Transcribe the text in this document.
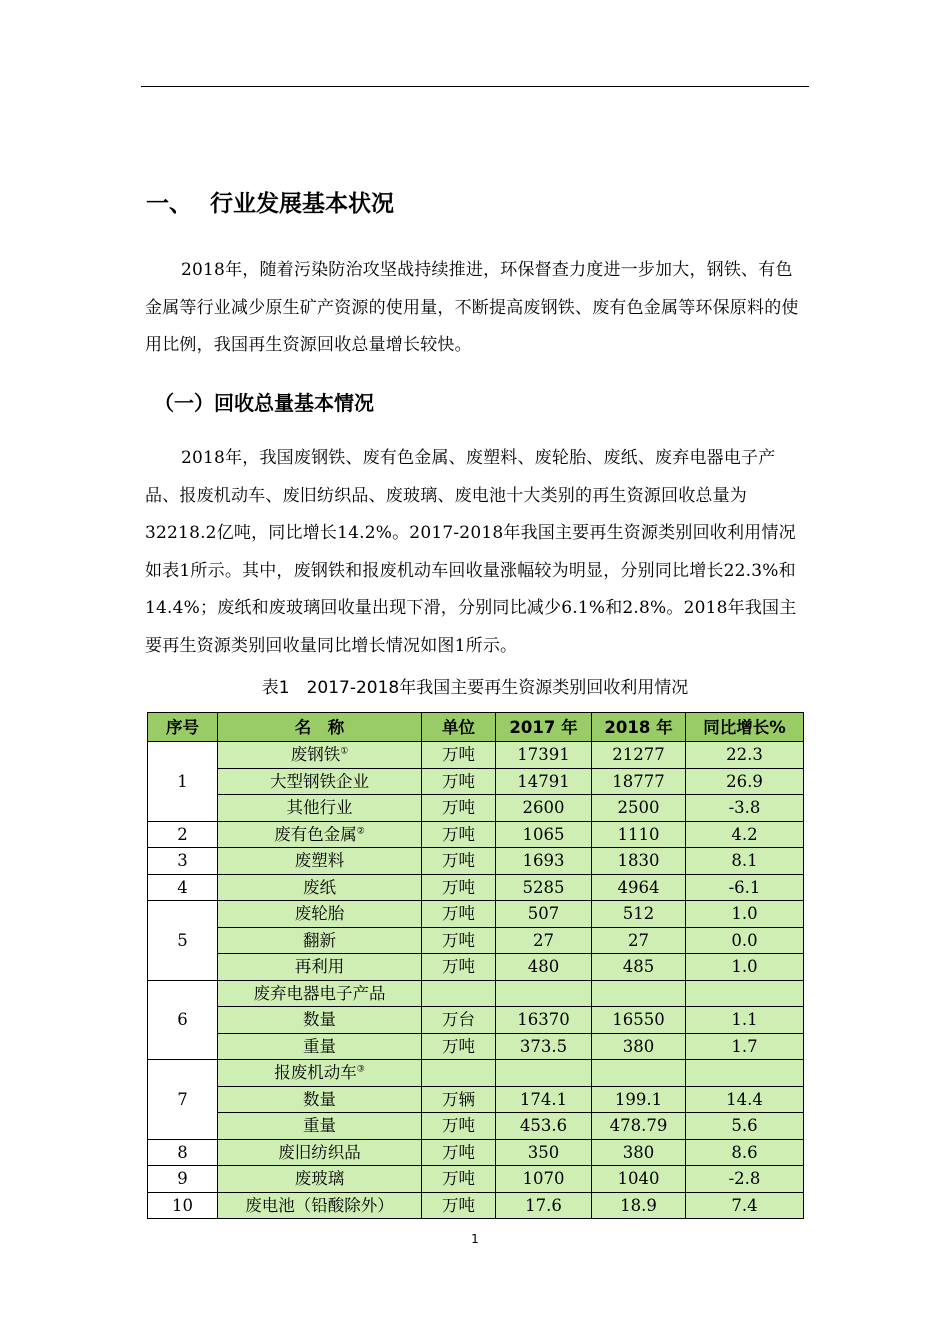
一、 行业发展基本状况
2018年，随着污染防治攻坚战持续推进，环保督查力度进一步加大，钢铁、有色金属等行业减少原生矿产资源的使用量，不断提高废钢铁、废有色金属等环保原料的使用比例，我国再生资源回收总量增长较快。
（一）回收总量基本情况
2018年，我国废钢铁、废有色金属、废塑料、废轮胎、废纸、废弃电器电子产品、报废机动车、废旧纺织品、废玻璃、废电池十大类别的再生资源回收总量为32218.2亿吨，同比增长14.2%。2017-2018年我国主要再生资源类别回收利用情况如表1所示。其中，废钢铁和报废机动车回收量涨幅较为明显，分别同比增长22.3%和14.4%；废纸和废玻璃回收量出现下滑，分别同比减少6.1%和2.8%。2018年我国主要再生资源类别回收量同比增长情况如图1所示。
表1　2017-2018年我国主要再生资源类别回收利用情况
序号	名　称	单位	2017 年	2018 年	同比增长%
1	废钢铁①	万吨	17391	21277	22.3
	大型钢铁企业	万吨	14791	18777	26.9
	其他行业	万吨	2600	2500	-3.8
2	废有色金属②	万吨	1065	1110	4.2
3	废塑料	万吨	1693	1830	8.1
4	废纸	万吨	5285	4964	-6.1
5	废轮胎	万吨	507	512	1.0
	翻新	万吨	27	27	0.0
	再利用	万吨	480	485	1.0
6	废弃电器电子产品				
	数量	万台	16370	16550	1.1
	重量	万吨	373.5	380	1.7
7	报废机动车③				
	数量	万辆	174.1	199.1	14.4
	重量	万吨	453.6	478.79	5.6
8	废旧纺织品	万吨	350	380	8.6
9	废玻璃	万吨	1070	1040	-2.8
10	废电池（铅酸除外）	万吨	17.6	18.9	7.4
1
